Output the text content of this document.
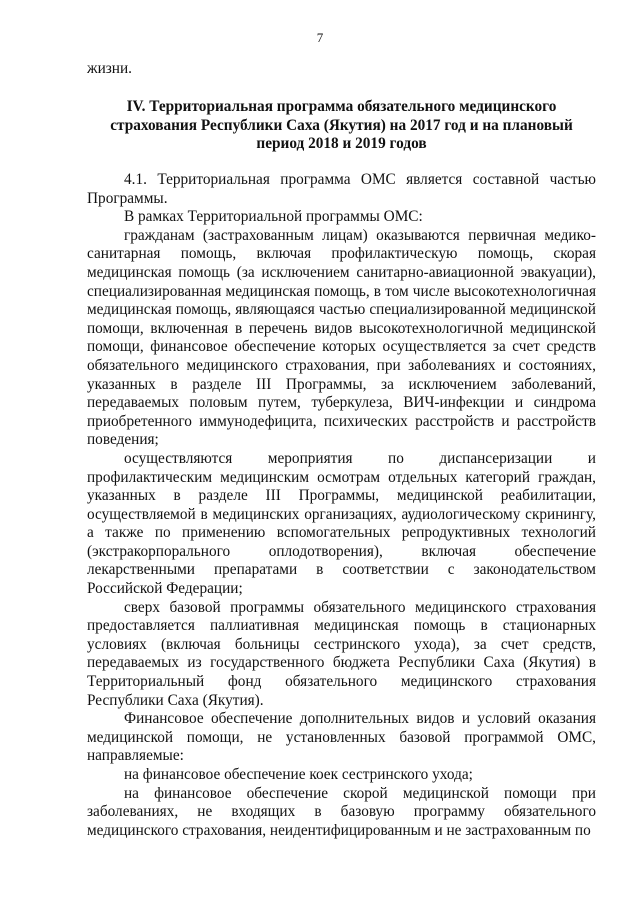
7

жизни.

IV. Территориальная программа обязательного медицинского
страхования Республики Саха (Якутия) на 2017 год и на плановый
период 2018 и 2019 годов

4.1. Территориальная программа ОМС является составной частью Программы.

В рамках Территориальной программы ОМС:

гражданам (застрахованным лицам) оказываются первичная медико-санитарная помощь, включая профилактическую помощь, скорая медицинская помощь (за исключением санитарно-авиационной эвакуации), специализированная медицинская помощь, в том числе высокотехнологичная медицинская помощь, являющаяся частью специализированной медицинской помощи, включенная в перечень видов высокотехнологичной медицинской помощи, финансовое обеспечение которых осуществляется за счет средств обязательного медицинского страхования, при заболеваниях и состояниях, указанных в разделе III Программы, за исключением заболеваний, передаваемых половым путем, туберкулеза, ВИЧ-инфекции и синдрома приобретенного иммунодефицита, психических расстройств и расстройств поведения;

осуществляются мероприятия по диспансеризации и профилактическим медицинским осмотрам отдельных категорий граждан, указанных в разделе III Программы, медицинской реабилитации, осуществляемой в медицинских организациях, аудиологическому скринингу, а также по применению вспомогательных репродуктивных технологий (экстракорпорального оплодотворения), включая обеспечение лекарственными препаратами в соответствии с законодательством Российской Федерации;

сверх базовой программы обязательного медицинского страхования предоставляется паллиативная медицинская помощь в стационарных условиях (включая больницы сестринского ухода), за счет средств, передаваемых из государственного бюджета Республики Саха (Якутия) в Территориальный фонд обязательного медицинского страхования Республики Саха (Якутия).

Финансовое обеспечение дополнительных видов и условий оказания медицинской помощи, не установленных базовой программой ОМС, направляемые:

на финансовое обеспечение коек сестринского ухода;

на финансовое обеспечение скорой медицинской помощи при заболеваниях, не входящих в базовую программу обязательного медицинского страхования, неидентифицированным и не застрахованным по
